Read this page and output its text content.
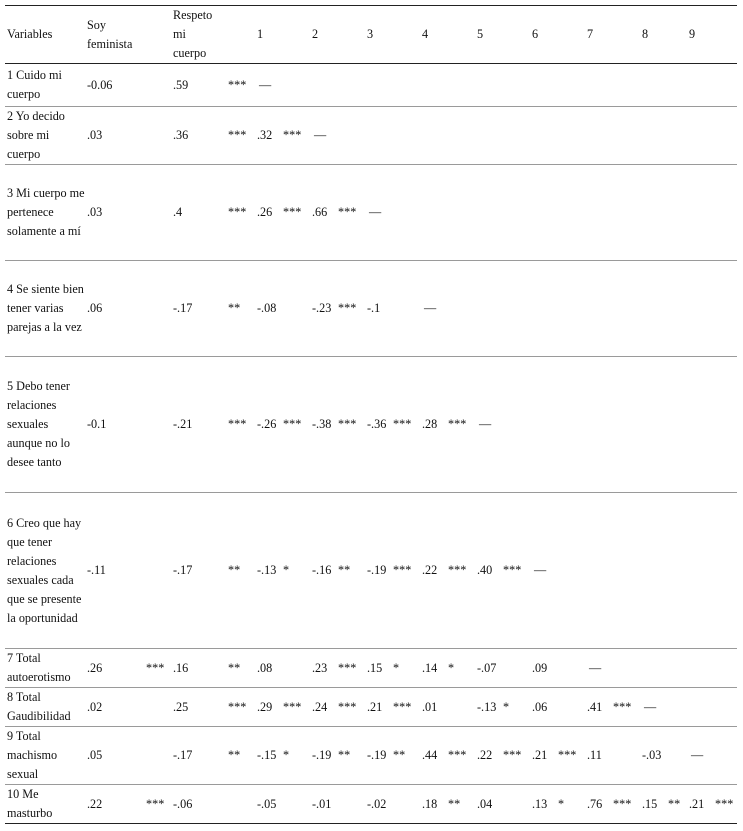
Variables	Soy feminista		Respeto
mi
cuerpo		1		2		3		4		5		6		7		8		9	
1 Cuido mi cuerpo	-0.06		.59	***	—																	
2 Yo decido sobre mi cuerpo	.03		.36	***	.32	***	—															
3 Mi cuerpo me pertenece solamente a mí	.03		.4	***	.26	***	.66	***	—													
4 Se siente bien tener varias parejas a la vez	.06		-.17	**	-.08		-.23	***	-.1		—											
5 Debo tener relaciones sexuales aunque no lo desee tanto	-0.1		-.21	***	-.26	***	-.38	***	-.36	***	.28	***	—									
6 Creo que hay que tener relaciones sexuales cada que se presente la oportunidad	-.11		-.17	**	-.13	*	-.16	**	-.19	***	.22	***	.40	***	—							
7 Total autoerotismo	.26	***	.16	**	.08		.23	***	.15	*	.14	*	-.07		.09		—					
8 Total Gaudibilidad	.02		.25	***	.29	***	.24	***	.21	***	.01		-.13	*	.06		.41	***	—			
9 Total machismo sexual	.05		-.17	**	-.15	*	-.19	**	-.19	**	.44	***	.22	***	.21	***	.11		-.03		—	
10 Me masturbo	.22	***	-.06		-.05		-.01		-.02		.18	**	.04		.13	*	.76	***	.15	**	.21	***
